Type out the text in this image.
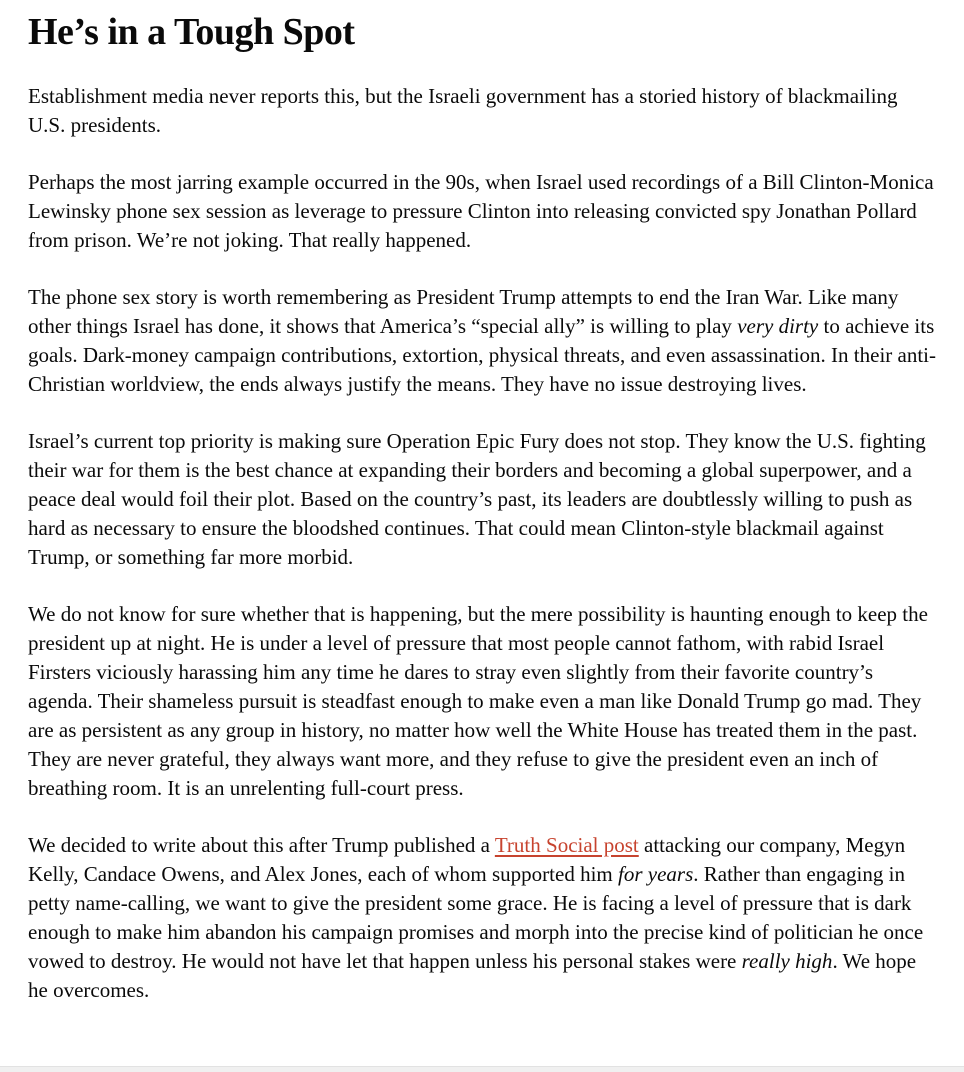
He’s in a Tough Spot

Establishment media never reports this, but the Israeli government has a storied history of blackmailing U.S. presidents.

Perhaps the most jarring example occurred in the 90s, when Israel used recordings of a Bill Clinton-Monica Lewinsky phone sex session as leverage to pressure Clinton into releasing convicted spy Jonathan Pollard from prison. We’re not joking. That really happened.

The phone sex story is worth remembering as President Trump attempts to end the Iran War. Like many other things Israel has done, it shows that America’s “special ally” is willing to play very dirty to achieve its goals. Dark-money campaign contributions, extortion, physical threats, and even assassination. In their anti-Christian worldview, the ends always justify the means. They have no issue destroying lives.

Israel’s current top priority is making sure Operation Epic Fury does not stop. They know the U.S. fighting their war for them is the best chance at expanding their borders and becoming a global superpower, and a peace deal would foil their plot. Based on the country’s past, its leaders are doubtlessly willing to push as hard as necessary to ensure the bloodshed continues. That could mean Clinton-style blackmail against Trump, or something far more morbid.

We do not know for sure whether that is happening, but the mere possibility is haunting enough to keep the president up at night. He is under a level of pressure that most people cannot fathom, with rabid Israel Firsters viciously harassing him any time he dares to stray even slightly from their favorite country’s agenda. Their shameless pursuit is steadfast enough to make even a man like Donald Trump go mad. They are as persistent as any group in history, no matter how well the White House has treated them in the past. They are never grateful, they always want more, and they refuse to give the president even an inch of breathing room. It is an unrelenting full-court press.

We decided to write about this after Trump published a Truth Social post attacking our company, Megyn Kelly, Candace Owens, and Alex Jones, each of whom supported him for years. Rather than engaging in petty name-calling, we want to give the president some grace. He is facing a level of pressure that is dark enough to make him abandon his campaign promises and morph into the precise kind of politician he once vowed to destroy. He would not have let that happen unless his personal stakes were really high. We hope he overcomes.
